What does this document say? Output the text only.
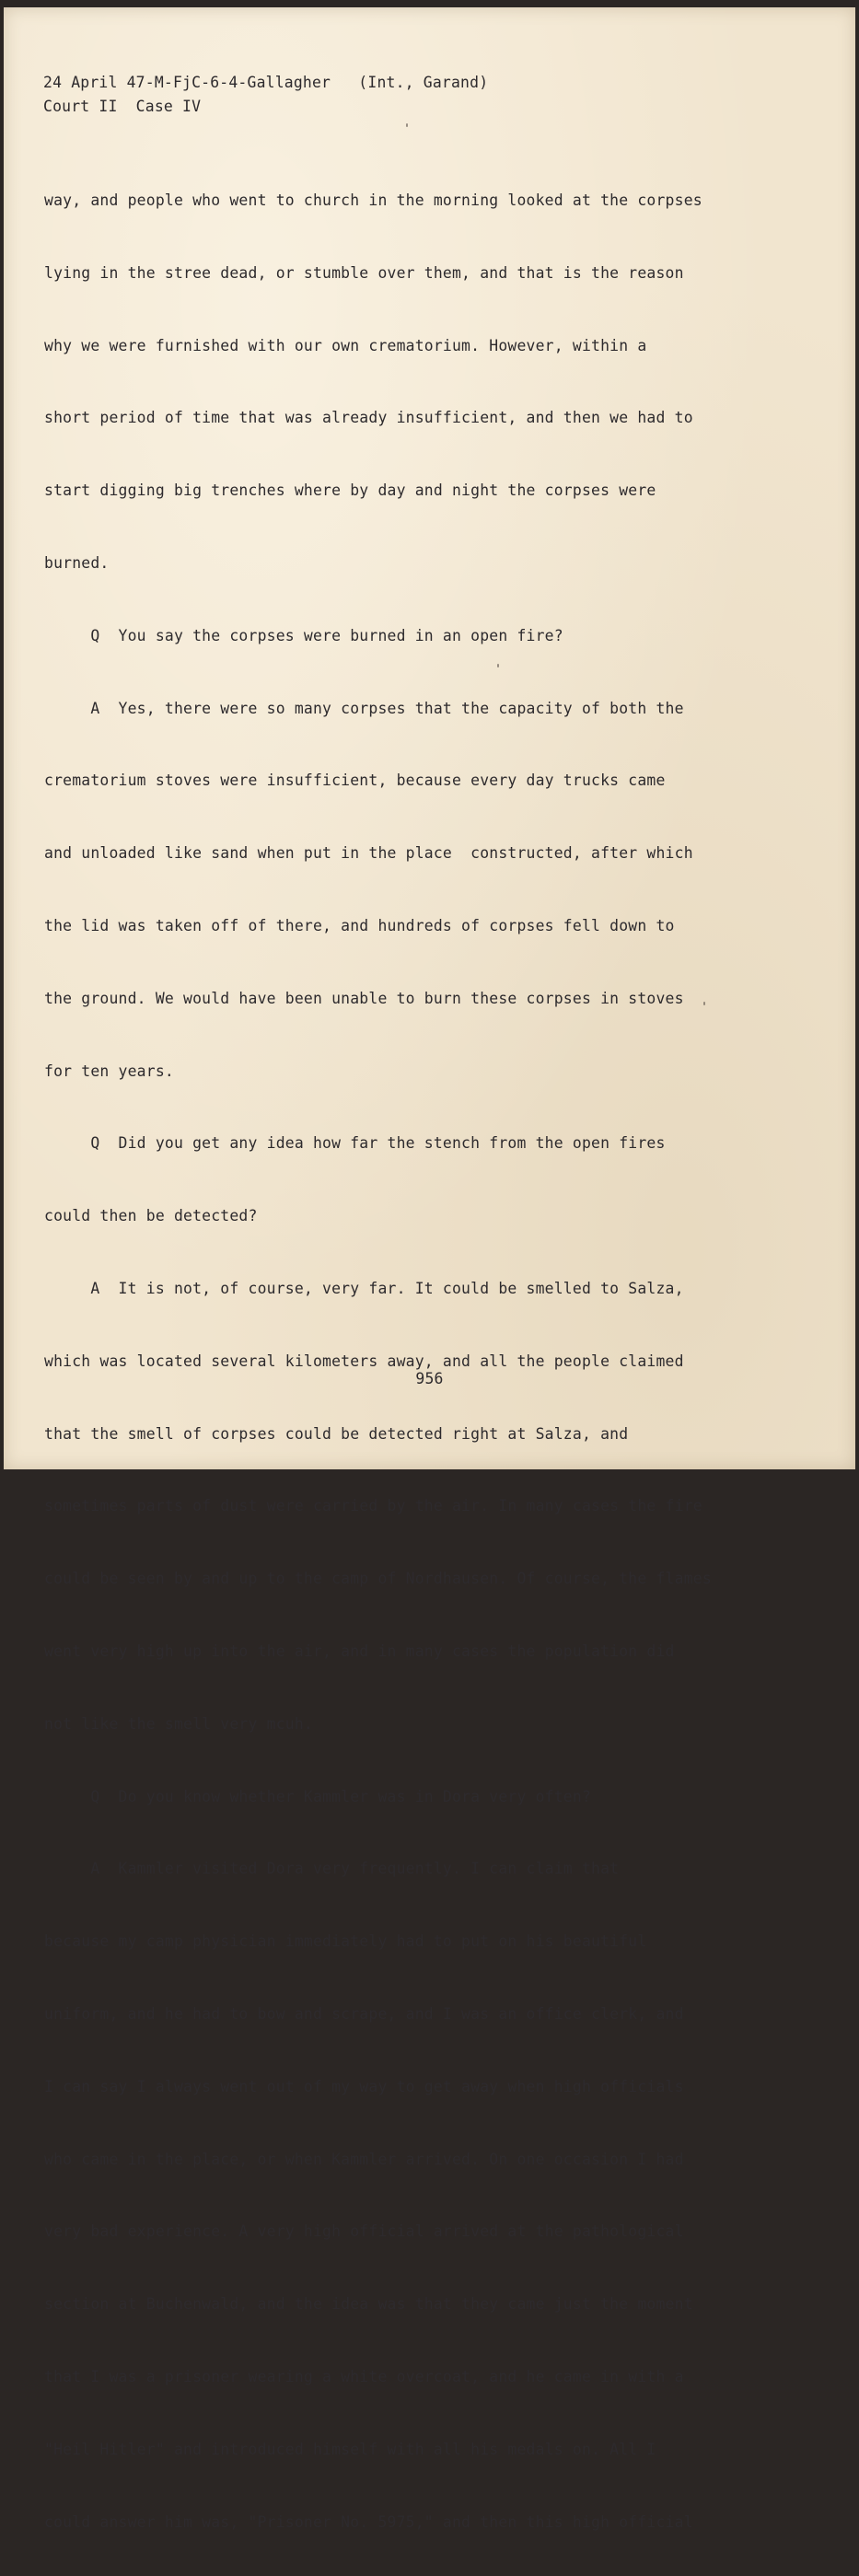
24 April 47-M-FjC-6-4-Gallagher   (Int., Garand)
Court II  Case IV

way, and people who went to church in the morning looked at the corpses

lying in the stree dead, or stumble over them, and that is the reason

why we were furnished with our own crematorium. However, within a

short period of time that was already insufficient, and then we had to

start digging big trenches where by day and night the corpses were

burned.

Q  You say the corpses were burned in an open fire?

A  Yes, there were so many corpses that the capacity of both the

crematorium stoves were insufficient, because every day trucks came

and unloaded like sand when put in the place  constructed, after which

the lid was taken off of there, and hundreds of corpses fell down to

the ground. We would have been unable to burn these corpses in stoves

for ten years.

Q  Did you get any idea how far the stench from the open fires

could then be detected?

A  It is not, of course, very far. It could be smelled to Salza,

which was located several kilometers away, and all the people claimed

that the smell of corpses could be detected right at Salza, and

sometimes parts of dust were carried by the air. In many cases the fire

could be seen by and up to the camp of Nordhausen. Of course, the flames

went very high up into the air, and in many cases the population did

not like the smell very mcuh.

Q  Do you know whether Kammler was in Dora very often?

A  Kammler visited Dora very frequently. I can claim that

because my camp physician immediately had to put on his beautiful

uniform, and he had to bow and scrape, and I was an office clerk, and

I can say I always went out of my way to get away when high officials

who came in the place, or when Kammler arrived. On one occasion I had

very bad experience. A very high official arrived at the pathological

section at Buchenwald, and the idea was that they came just the moment

that I was a prisoner wearing a white overcoat, and he came in with a

"Heil Hitler" and introduced himself with all his medals on. All I

could answer him was, "Prisoner No. 5975," and then this high official

956
